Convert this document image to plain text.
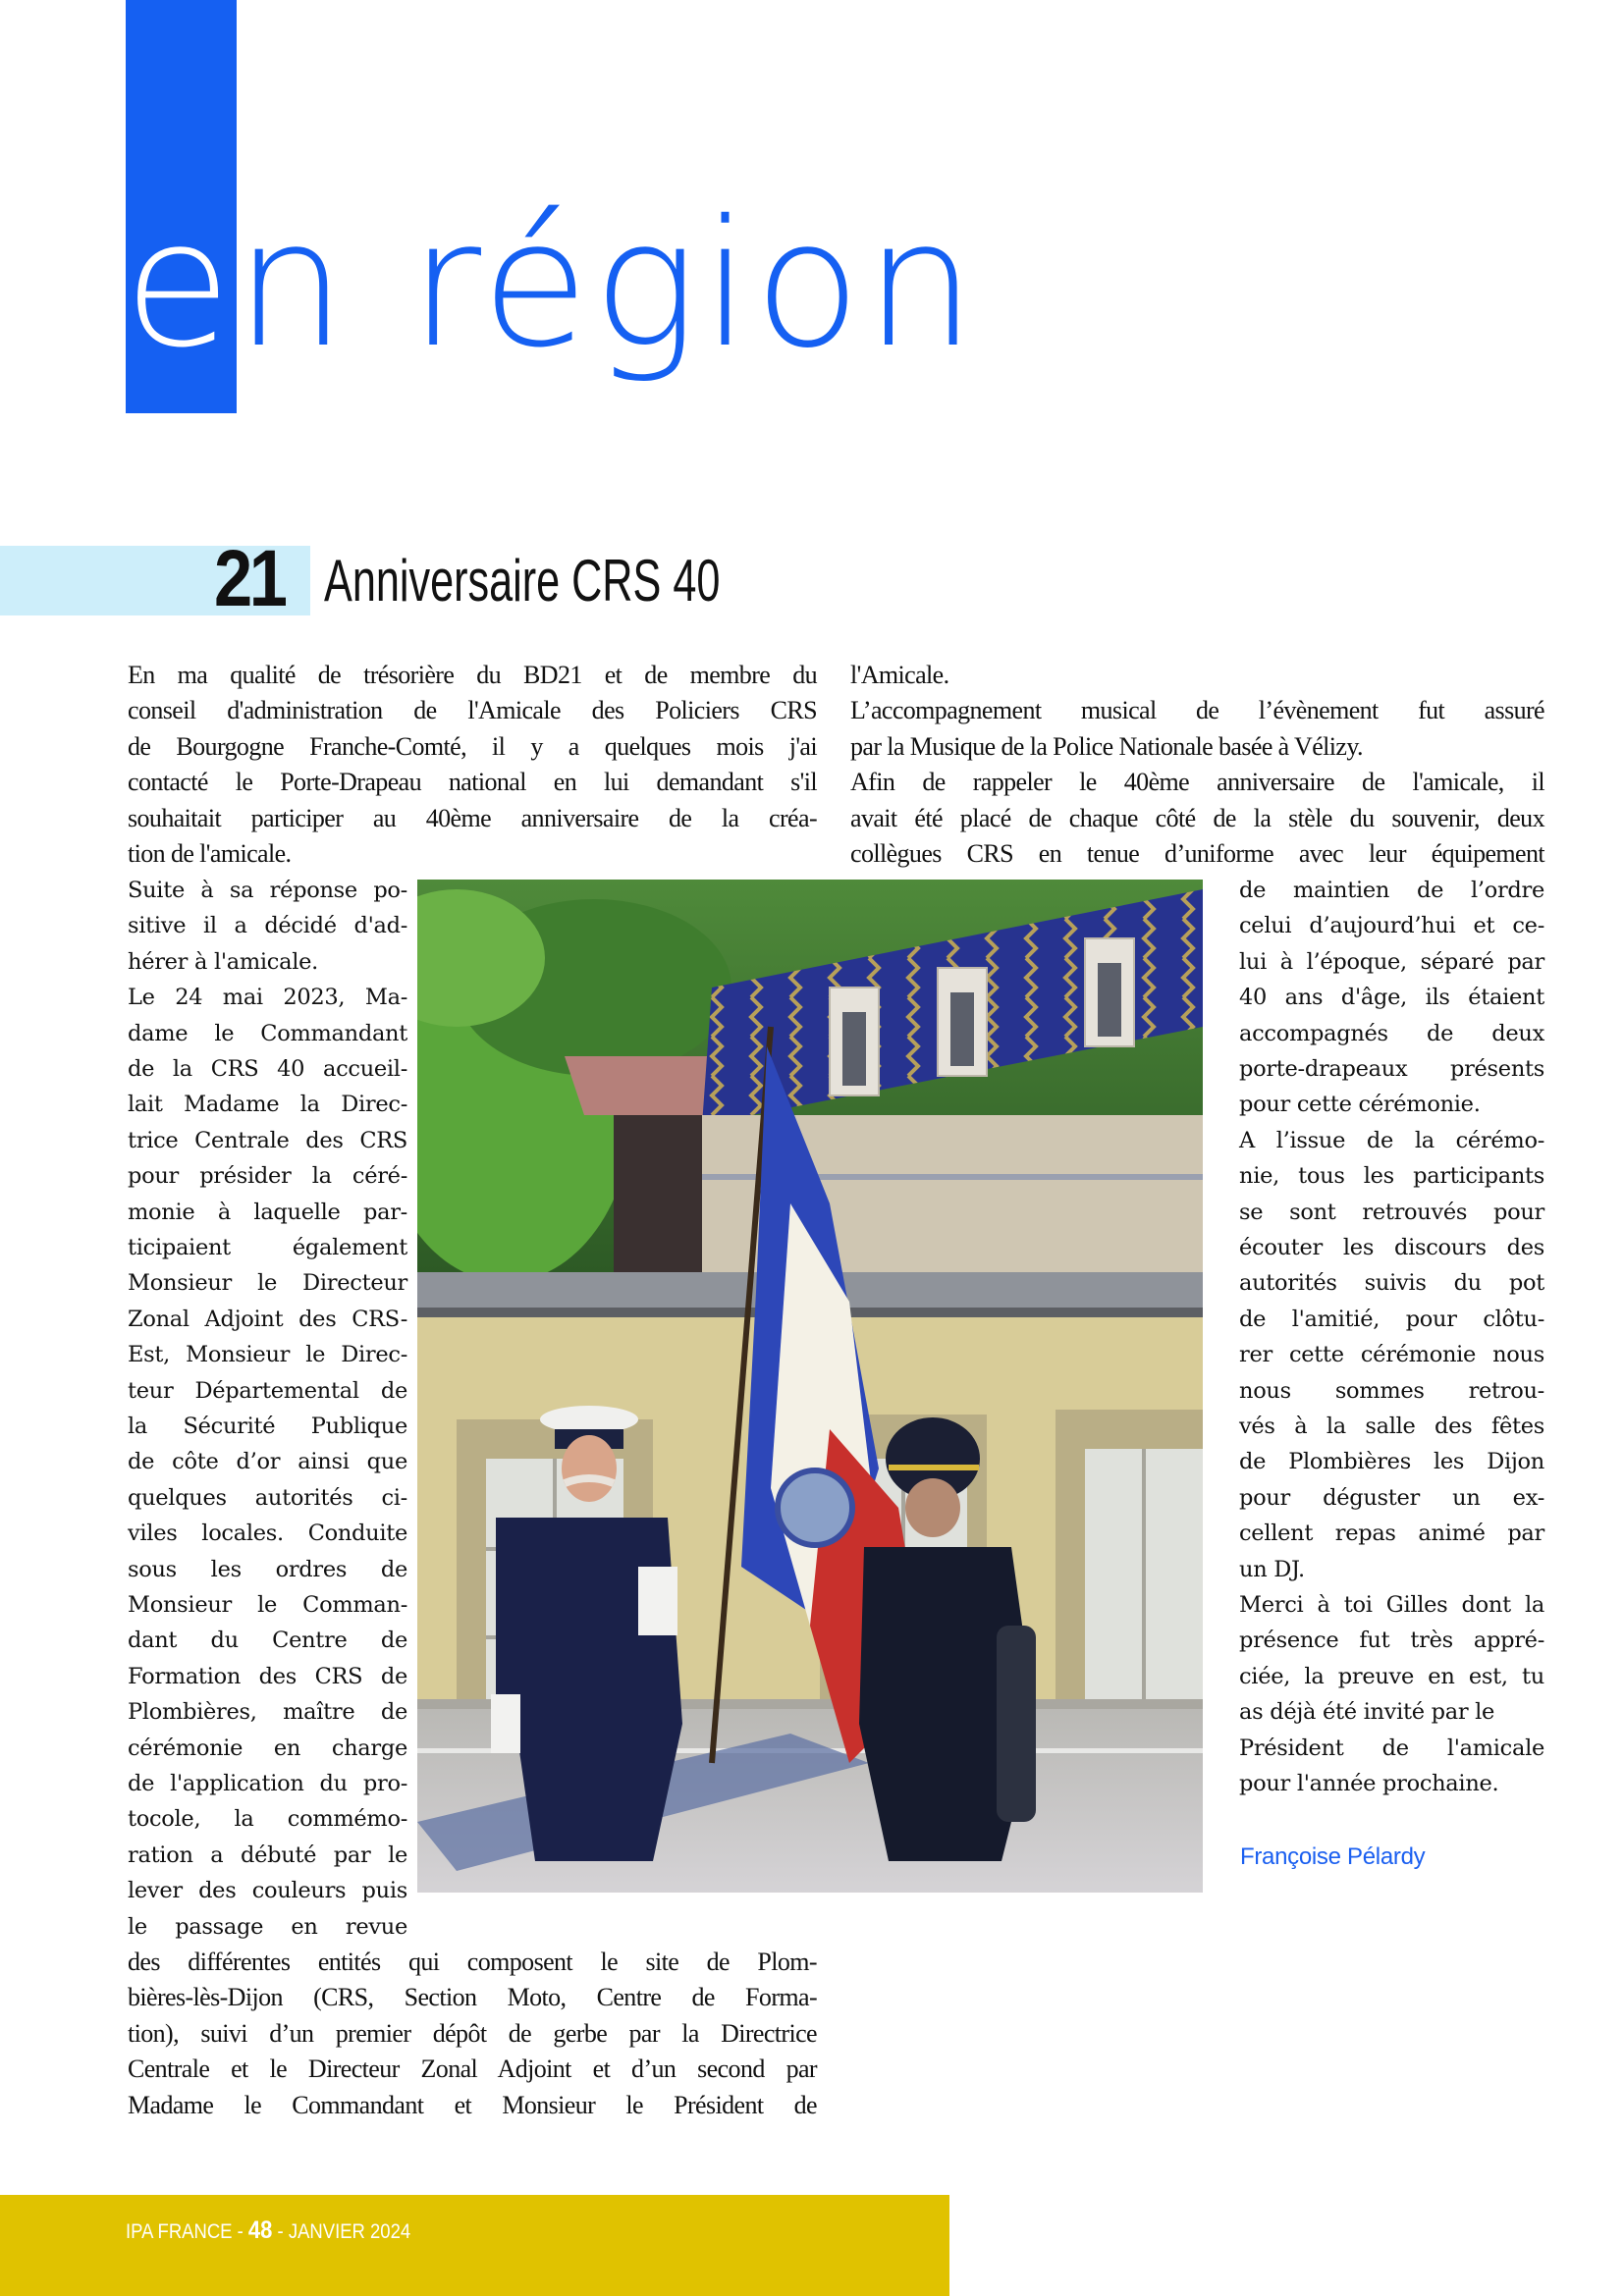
en région
21 Anniversaire CRS 40
En ma qualité de trésorière du BD21 et de membre du
conseil d'administration de l'Amicale des Policiers CRS
de Bourgogne Franche-Comté, il y a quelques mois j'ai
contacté le Porte-Drapeau national en lui demandant s'il
souhaitait participer au 40ème anniversaire de la créa-
tion de l'amicale.
Suite à sa réponse po-
sitive il a décidé d'ad-
hérer à l'amicale.
Le 24 mai 2023, Ma-
dame le Commandant
de la CRS 40 accueil-
lait Madame la Direc-
trice Centrale des CRS
pour présider la céré-
monie à laquelle par-
ticipaient également
Monsieur le Directeur
Zonal Adjoint des CRS-
Est, Monsieur le Direc-
teur Départemental de
la Sécurité Publique
de côte d’or ainsi que
quelques autorités ci-
viles locales. Conduite
sous les ordres de
Monsieur le Comman-
dant du Centre de
Formation des CRS de
Plombières, maître de
cérémonie en charge
de l'application du pro-
tocole, la commémo-
ration a débuté par le
lever des couleurs puis
le passage en revue
des différentes entités qui composent le site de Plom-
bières-lès-Dijon (CRS, Section Moto, Centre de Forma-
tion), suivi d’un premier dépôt de gerbe par la Directrice
Centrale et le Directeur Zonal Adjoint et d’un second par
Madame le Commandant et Monsieur le Président de
l'Amicale.
L’accompagnement musical de l’évènement fut assuré
par la Musique de la Police Nationale basée à Vélizy.
Afin de rappeler le 40ème anniversaire de l'amicale, il
avait été placé de chaque côté de la stèle du souvenir, deux
collègues CRS en tenue d’uniforme avec leur équipement
de maintien de l’ordre
celui d’aujourd’hui et ce-
lui à l’époque, séparé par
40 ans d'âge, ils étaient
accompagnés de deux
porte-drapeaux présents
pour cette cérémonie.
A l’issue de la cérémo-
nie, tous les participants
se sont retrouvés pour
écouter les discours des
autorités suivis du pot
de l'amitié, pour clôtu-
rer cette cérémonie nous
nous sommes retrou-
vés à la salle des fêtes
de Plombières les Dijon
pour déguster un ex-
cellent repas animé par
un DJ.
Merci à toi Gilles dont la
présence fut très appré-
ciée, la preuve en est, tu
as déjà été invité par le
Président de l'amicale
pour l'année prochaine.
Françoise Pélardy
IPA FRANCE - 48 - JANVIER 2024
